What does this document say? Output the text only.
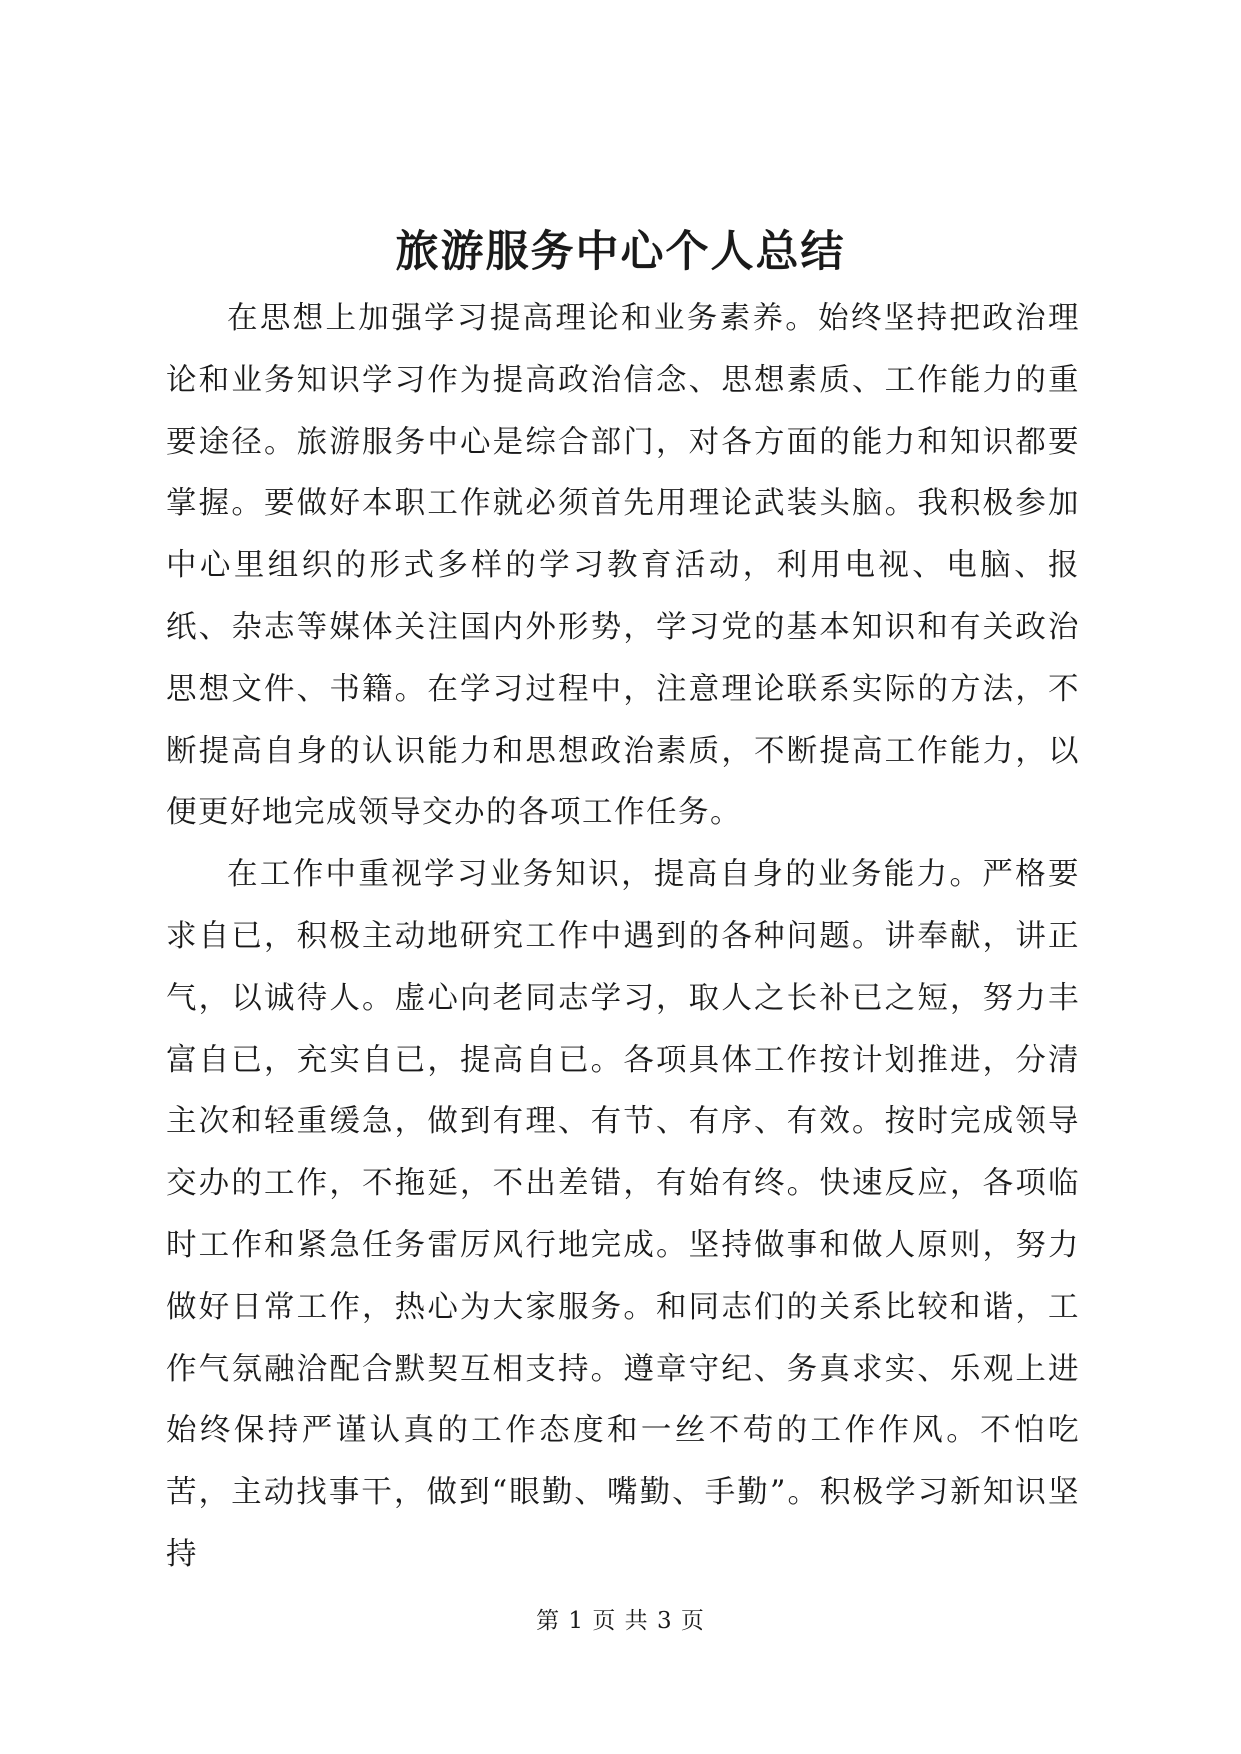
旅游服务中心个人总结

在思想上加强学习提高理论和业务素养。始终坚持把政治理论和业务知识学习作为提高政治信念、思想素质、工作能力的重要途径。旅游服务中心是综合部门，对各方面的能力和知识都要掌握。要做好本职工作就必须首先用理论武装头脑。我积极参加中心里组织的形式多样的学习教育活动，利用电视、电脑、报纸、杂志等媒体关注国内外形势，学习党的基本知识和有关政治思想文件、书籍。在学习过程中，注意理论联系实际的方法，不断提高自身的认识能力和思想政治素质，不断提高工作能力，以便更好地完成领导交办的各项工作任务。

在工作中重视学习业务知识，提高自身的业务能力。严格要求自已，积极主动地研究工作中遇到的各种问题。讲奉献，讲正气，以诚待人。虚心向老同志学习，取人之长补已之短，努力丰富自已，充实自已，提高自已。各项具体工作按计划推进，分清主次和轻重缓急，做到有理、有节、有序、有效。按时完成领导交办的工作，不拖延，不出差错，有始有终。快速反应，各项临时工作和紧急任务雷厉风行地完成。坚持做事和做人原则，努力做好日常工作，热心为大家服务。和同志们的关系比较和谐，工作气氛融洽配合默契互相支持。遵章守纪、务真求实、乐观上进始终保持严谨认真的工作态度和一丝不苟的工作作风。不怕吃苦，主动找事干，做到“眼勤、嘴勤、手勤”。积极学习新知识坚持

第 1 页 共 3 页
